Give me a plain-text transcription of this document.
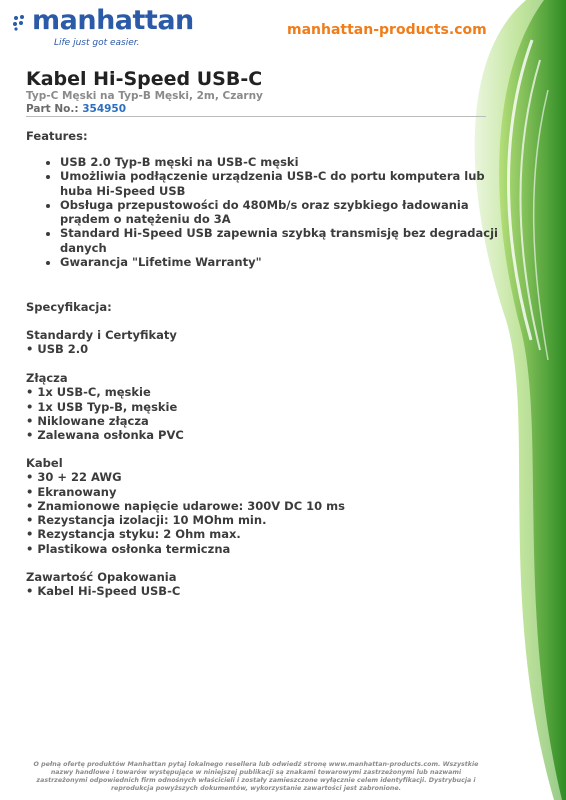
manhattan
Life just got easier.
manhattan-products.com
Kabel Hi-Speed USB-C
Typ-C Męski na Typ-B Męski, 2m, Czarny
Part No.: 354950
Features:
• USB 2.0 Typ-B męski na USB-C męski
• Umożliwia podłączenie urządzenia USB-C do portu komputera lub huba Hi-Speed USB
• Obsługa przepustowości do 480Mb/s oraz szybkiego ładowania prądem o natężeniu do 3A
• Standard Hi-Speed USB zapewnia szybką transmisję bez degradacji danych
• Gwarancja "Lifetime Warranty"
Specyfikacja:
Standardy i Certyfikaty
• USB 2.0
Złącza
• 1x USB-C, męskie
• 1x USB Typ-B, męskie
• Niklowane złącza
• Zalewana osłonka PVC
Kabel
• 30 + 22 AWG
• Ekranowany
• Znamionowe napięcie udarowe: 300V DC 10 ms
• Rezystancja izolacji: 10 MOhm min.
• Rezystancja styku: 2 Ohm max.
• Plastikowa osłonka termiczna
Zawartość Opakowania
• Kabel Hi-Speed USB-C
O pełną ofertę produktów Manhattan pytaj lokalnego resellera lub odwiedź stronę www.manhattan-products.com. Wszystkie nazwy handlowe i towarów występujące w niniejszej publikacji są znakami towarowymi zastrzeżonymi lub nazwami zastrzeżonymi odpowiednich firm odnośnych właścicieli i zostały zamieszczone wyłącznie celem identyfikacji. Dystrybucja i reprodukcja powyższych dokumentów, wykorzystanie zawartości jest zabronione.
